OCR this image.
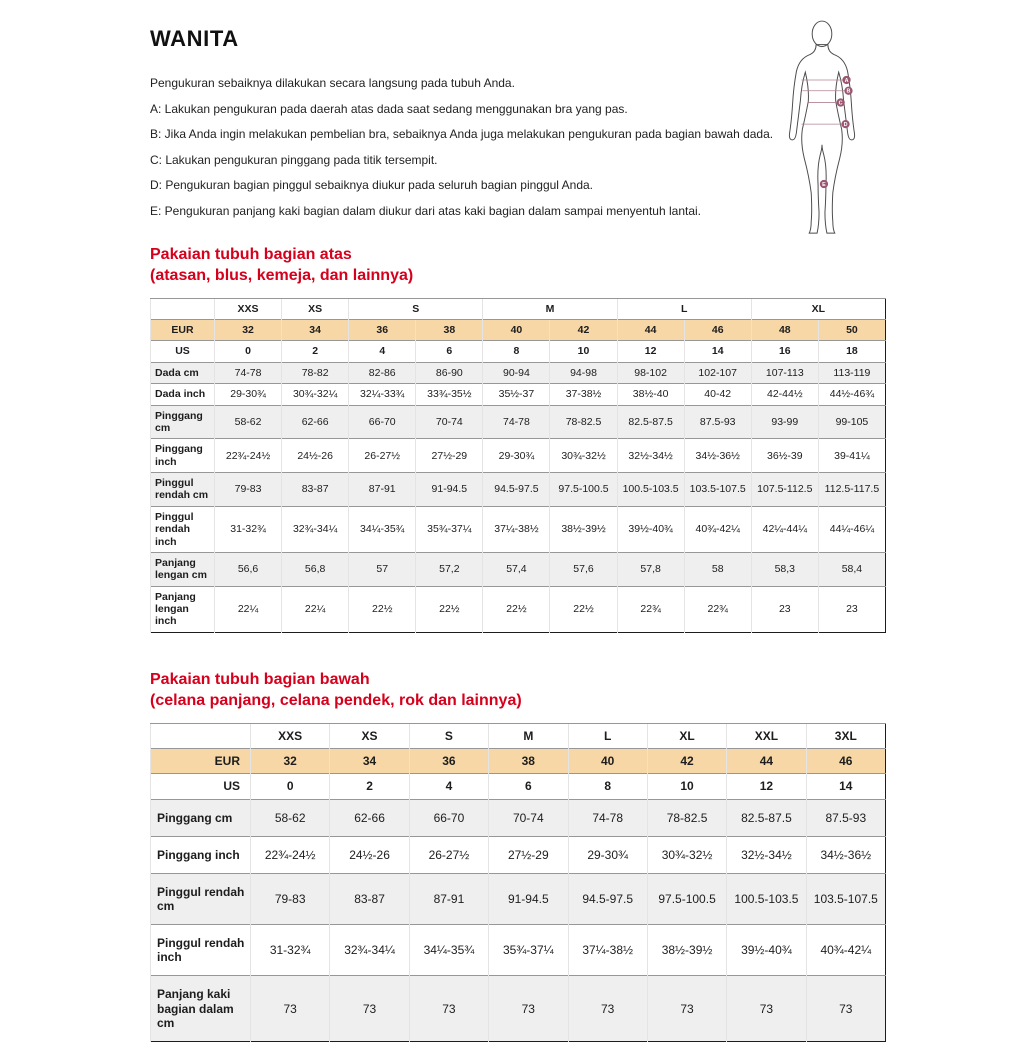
WANITA

Pengukuran sebaiknya dilakukan secara langsung pada tubuh Anda.

A: Lakukan pengukuran pada daerah atas dada saat sedang menggunakan bra yang pas.

B: Jika Anda ingin melakukan pembelian bra, sebaiknya Anda juga melakukan pengukuran pada bagian bawah dada.

C: Lakukan pengukuran pinggang pada titik tersempit.

D: Pengukuran bagian pinggul sebaiknya diukur pada seluruh bagian pinggul Anda.

E: Pengukuran panjang kaki bagian dalam diukur dari atas kaki bagian dalam sampai menyentuh lantai.

Pakaian tubuh bagian atas
(atasan, blus, kemeja, dan lainnya)
	XXS	XS	S		M		L		XL	
EUR	32	34	36	38	40	42	44	46	48	50
US	0	2	4	6	8	10	12	14	16	18
Dada cm	74-78	78-82	82-86	86-90	90-94	94-98	98-102	102-107	107-113	113-119
Dada inch	29-30¾	30¾-32¼	32¼-33¾	33¾-35½	35½-37	37-38½	38½-40	40-42	42-44½	44½-46¾
Pinggang cm	58-62	62-66	66-70	70-74	74-78	78-82.5	82.5-87.5	87.5-93	93-99	99-105
Pinggang inch	22¾-24½	24½-26	26-27½	27½-29	29-30¾	30¾-32½	32½-34½	34½-36½	36½-39	39-41¼
Pinggul rendah cm	79-83	83-87	87-91	91-94.5	94.5-97.5	97.5-100.5	100.5-103.5	103.5-107.5	107.5-112.5	112.5-117.5
Pinggul rendah inch	31-32¾	32¾-34¼	34¼-35¾	35¾-37¼	37¼-38½	38½-39½	39½-40¾	40¾-42¼	42¼-44¼	44¼-46¼
Panjang lengan cm	56,6	56,8	57	57,2	57,4	57,6	57,8	58	58,3	58,4
Panjang lengan inch	22¼	22¼	22½	22½	22½	22½	22¾	22¾	23	23
Pakaian tubuh bagian bawah
(celana panjang, celana pendek, rok dan lainnya)
	XXS	XS	S	M	L	XL	XXL	3XL
EUR	32	34	36	38	40	42	44	46
US	0	2	4	6	8	10	12	14
Pinggang cm	58-62	62-66	66-70	70-74	74-78	78-82.5	82.5-87.5	87.5-93
Pinggang inch	22¾-24½	24½-26	26-27½	27½-29	29-30¾	30¾-32½	32½-34½	34½-36½
Pinggul rendah cm	79-83	83-87	87-91	91-94.5	94.5-97.5	97.5-100.5	100.5-103.5	103.5-107.5
Pinggul rendah inch	31-32¾	32¾-34¼	34¼-35¾	35¾-37¼	37¼-38½	38½-39½	39½-40¾	40¾-42¼
Panjang kaki bagian dalam cm	73	73	73	73	73	73	73	73
A
B
C
D
E
